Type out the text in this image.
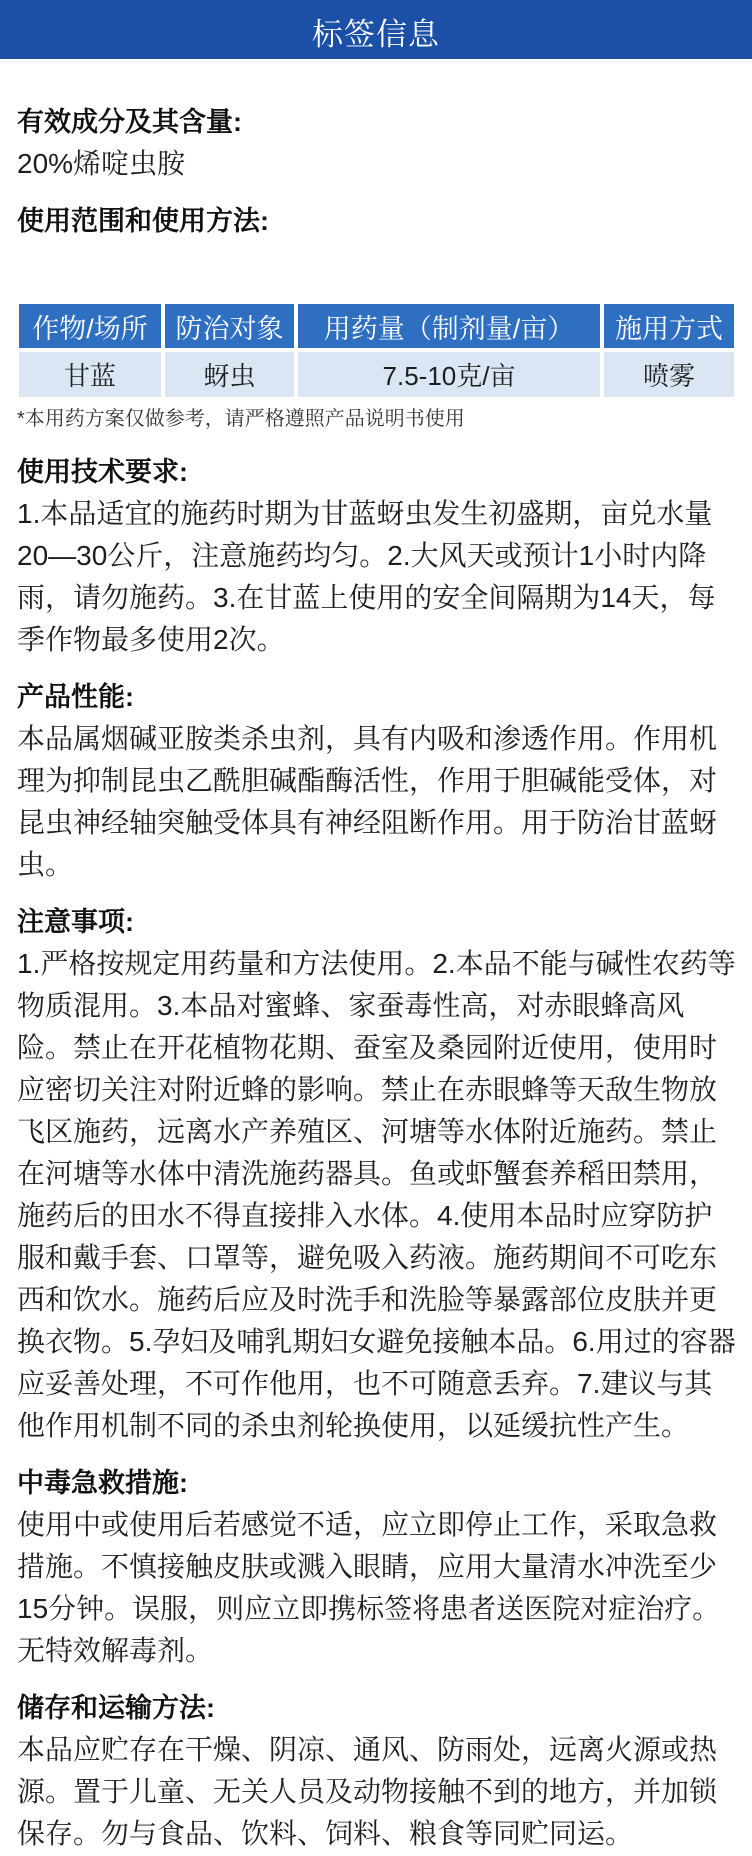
标签信息
有效成分及其含量:
20%烯啶虫胺
使用范围和使用方法:
作物/场所	防治对象	用药量（制剂量/亩）	施用方式
甘蓝	蚜虫	7.5-10克/亩	喷雾
*本用药方案仅做参考，请严格遵照产品说明书使用
使用技术要求:
1.本品适宜的施药时期为甘蓝蚜虫发生初盛期，亩兑水量
20—30公斤，注意施药均匀。2.大风天或预计1小时内降
雨，请勿施药。3.在甘蓝上使用的安全间隔期为14天，每
季作物最多使用2次。
产品性能:
本品属烟碱亚胺类杀虫剂，具有内吸和渗透作用。作用机
理为抑制昆虫乙酰胆碱酯酶活性，作用于胆碱能受体，对
昆虫神经轴突触受体具有神经阻断作用。用于防治甘蓝蚜
虫。
注意事项:
1.严格按规定用药量和方法使用。2.本品不能与碱性农药等
物质混用。3.本品对蜜蜂、家蚕毒性高，对赤眼蜂高风
险。禁止在开花植物花期、蚕室及桑园附近使用，使用时
应密切关注对附近蜂的影响。禁止在赤眼蜂等天敌生物放
飞区施药，远离水产养殖区、河塘等水体附近施药。禁止
在河塘等水体中清洗施药器具。鱼或虾蟹套养稻田禁用，
施药后的田水不得直接排入水体。4.使用本品时应穿防护
服和戴手套、口罩等，避免吸入药液。施药期间不可吃东
西和饮水。施药后应及时洗手和洗脸等暴露部位皮肤并更
换衣物。5.孕妇及哺乳期妇女避免接触本品。6.用过的容器
应妥善处理，不可作他用，也不可随意丢弃。7.建议与其
他作用机制不同的杀虫剂轮换使用，以延缓抗性产生。
中毒急救措施:
使用中或使用后若感觉不适，应立即停止工作，采取急救
措施。不慎接触皮肤或溅入眼睛，应用大量清水冲洗至少
15分钟。误服，则应立即携标签将患者送医院对症治疗。
无特效解毒剂。
储存和运输方法:
本品应贮存在干燥、阴凉、通风、防雨处，远离火源或热
源。置于儿童、无关人员及动物接触不到的地方，并加锁
保存。勿与食品、饮料、饲料、粮食等同贮同运。
